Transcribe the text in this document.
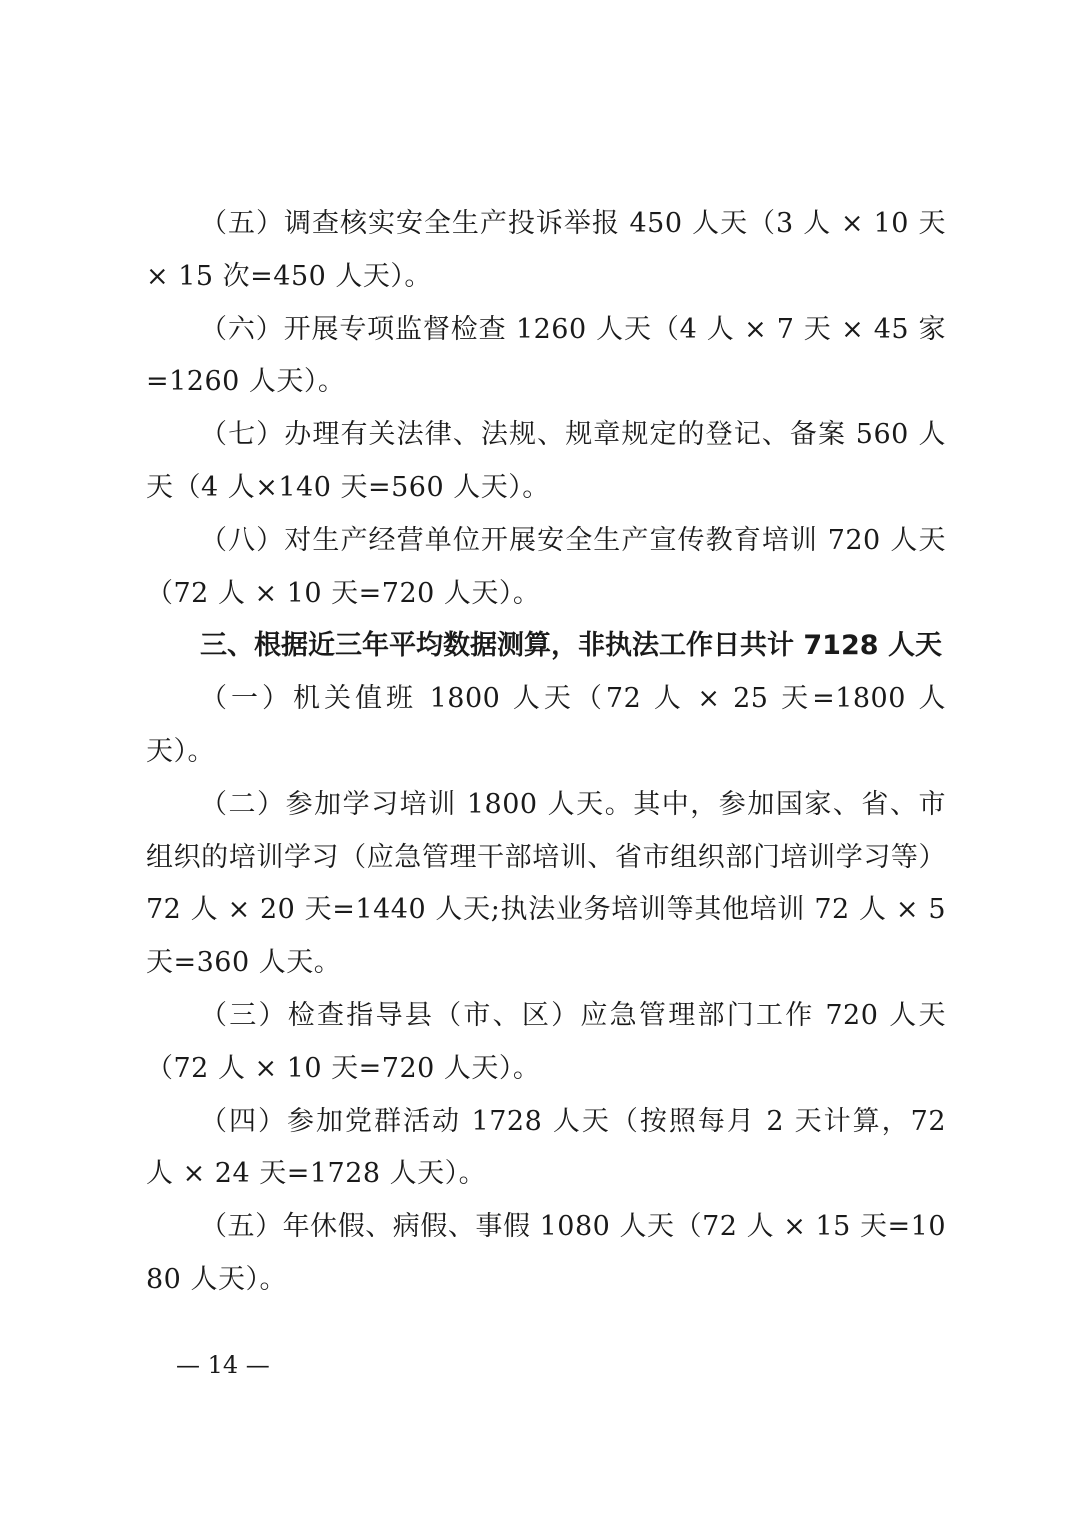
（五）调查核实安全生产投诉举报 450 人天（3 人 × 10 天 × 15 次=450 人天）。

（六）开展专项监督检查 1260 人天（4 人 × 7 天 × 45 家=1260 人天）。

（七）办理有关法律、法规、规章规定的登记、备案 560 人天（4 人×140 天=560 人天）。

（八）对生产经营单位开展安全生产宣传教育培训 720 人天（72 人 × 10 天=720 人天）。

三、根据近三年平均数据测算，非执法工作日共计 7128 人天

（一）机关值班 1800 人天（72 人 × 25 天=1800 人天）。

（二）参加学习培训 1800 人天。其中，参加国家、省、市组织的培训学习（应急管理干部培训、省市组织部门培训学习等）72 人 × 20 天=1440 人天;执法业务培训等其他培训 72 人 × 5 天=360 人天。

（三）检查指导县（市、区）应急管理部门工作 720 人天（72 人 × 10 天=720 人天）。

（四）参加党群活动 1728 人天（按照每月 2 天计算，72 人 × 24 天=1728 人天）。

（五）年休假、病假、事假 1080 人天（72 人 × 15 天=1080 人天）。

— 14 —
